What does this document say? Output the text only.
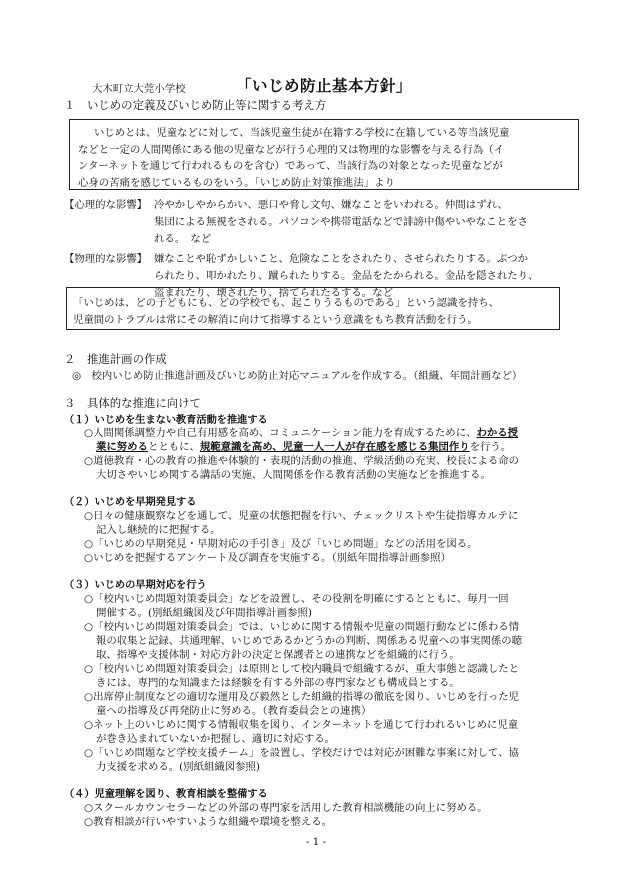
大木町立大莞小学校	「いじめ防止基本方針」
１ いじめの定義及びいじめ防止等に関する考え方

いじめとは、児童などに対して、当該児童生徒が在籍する学校に在籍している等当該児童

などと一定の人間関係にある他の児童などが行う心理的又は物理的な影響を与える行為（イ

ンターネットを通じて行われるものを含む）であって、当該行為の対象となった児童などが

心身の苦痛を感じているものをいう。「いじめ防止対策推進法」より

【心理的な影響】 冷やかしやからかい、悪口や脅し文句、嫌なことをいわれる。仲間はずれ、
集団による無視をされる。パソコンや携帯電話などで誹謗中傷やいやなことをさ
れる。　など
【物理的な影響】 嫌なことや恥ずかしいこと、危険なことをされたり、させられたりする。ぶつか
られたり、叩かれたり、蹴られたりする。金品をたかられる。金品を隠されたり、
盗まれたり、壊されたり、捨てられたるする。など

「いじめは、どの子どもにも、どの学校でも、起こりうるものである」という認識を持ち、

児童間のトラブルは常にその解消に向けて指導するという意識をもち教育活動を行う。

２ 推進計画の作成
◎　校内いじめ防止推進計画及びいじめ防止対応マニュアルを作成する。（組織、年間計画など）
３ 具体的な推進に向けて
（１）いじめを生まない教育活動を推進する
○人間関係調整力や自己有用感を高め、コミュニケーション能力を育成するために、わかる授
業に努めるとともに、規範意識を高め、児童一人一人が存在感を感じる集団作りを行う。
○道徳教育・心の教育の推進や体験的・表現的活動の推進、学級活動の充実、校長による命の
大切さやいじめ関する講話の実施、人間関係を作る教育活動の実施などを推進する。
（２）いじめを早期発見する
○日々の健康観察などを通して、児童の状態把握を行い、チェックリストや生徒指導カルテに
記入し継続的に把握する。
○「いじめの早期発見・早期対応の手引き」及び「いじめ問題」などの活用を図る。
○いじめを把握するアンケート及び調査を実施する。（別紙年間指導計画参照）
（３）いじめの早期対応を行う
○「校内いじめ問題対策委員会」などを設置し、その役割を明確にするとともに、毎月一回
開催する。(別紙組織図及び年間指導計画参照)
○「校内いじめ問題対策委員会」では、いじめに関する情報や児童の問題行動などに係わる情
報の収集と記録、共通理解、いじめであるかどうかの判断、関係ある児童への事実関係の聴
取、指導や支援体制・対応方針の決定と保護者との連携などを組織的に行う。
○「校内いじめ問題対策委員会」は原則として校内職員で組織するが、重大事態と認識したと
きには、専門的な知識または経験を有する外部の専門家なども構成員とする。
○出席停止制度などの適切な運用及び毅然とした組織的指導の徹底を図り、いじめを行った児
童への指導及び再発防止に努める。（教育委員会との連携）
○ネット上のいじめに関する情報収集を図り、インターネットを通じて行われるいじめに児童
が巻き込まれていないか把握し、適切に対応する。
○「いじめ問題など学校支援チーム」を設置し、学校だけでは対応が困難な事案に対して、協
力支援を求める。(別紙組織図参照)
（４）児童理解を図り、教育相談を整備する
○スクールカウンセラーなどの外部の専門家を活用した教育相談機能の向上に努める。
○教育相談が行いやすいような組織や環境を整える。
- 1 -
